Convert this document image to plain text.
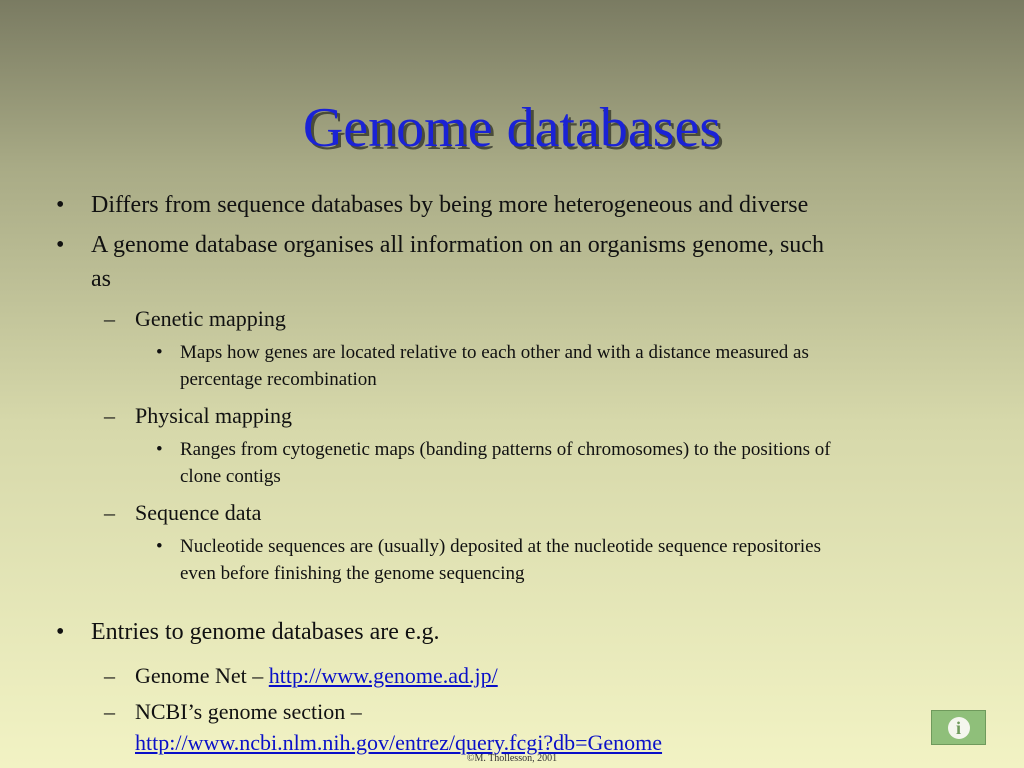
Genome databases
• Differs from sequence databases by being more heterogeneous and diverse
• A genome database organises all information on an organisms genome, such
as
– Genetic mapping
• Maps how genes are located relative to each other and with a distance measured as
percentage recombination
– Physical mapping
• Ranges from cytogenetic maps (banding patterns of chromosomes) to the positions of
clone contigs
– Sequence data
• Nucleotide sequences are (usually) deposited at the nucleotide sequence repositories
even before finishing the genome sequencing
• Entries to genome databases are e.g.
– Genome Net – http://www.genome.ad.jp/
– NCBI’s genome section –
http://www.ncbi.nlm.nih.gov/entrez/query.fcgi?db=Genome
i
©M. Thollesson, 2001
